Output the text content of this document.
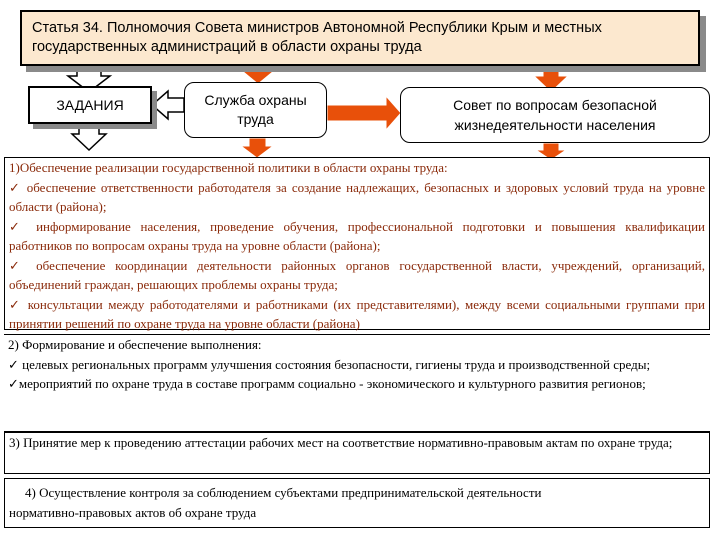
Статья 34. Полномочия Совета министров Автономной Республики Крым и местных государственных администраций в области охраны труда
ЗАДАНИЯ	Служба охраны труда
Совет по вопросам безопасной жизнедеятельности населения

1)Обеспечение реализации государственной политики в области охраны труда:

✓ обеспечение ответственности работодателя за создание надлежащих, безопасных и здоровых условий труда на уровне области (района);

✓ информирование населения, проведение обучения, профессиональной подготовки и повышения квалификации работников по вопросам охраны труда на уровне области (района);

✓ обеспечение координации деятельности районных органов государственной власти, учреждений, организаций, объединений граждан, решающих проблемы охраны труда;

✓ консультации между работодателями и работниками (их представителями), между всеми социальными группами при принятии решений по охране труда на уровне области (района)

2) Формирование и обеспечение выполнения:

✓ целевых региональных программ улучшения состояния безопасности, гигиены труда и производственной среды;

✓мероприятий по охране труда в составе программ социально - экономического и культурного развития регионов;

3) Принятие мер к проведению аттестации рабочих мест на соответствие нормативно-правовым актам по охране труда;

4) Осуществление контроля за соблюдением субъектами предпринимательской деятельности

нормативно-правовых актов об охране труда
